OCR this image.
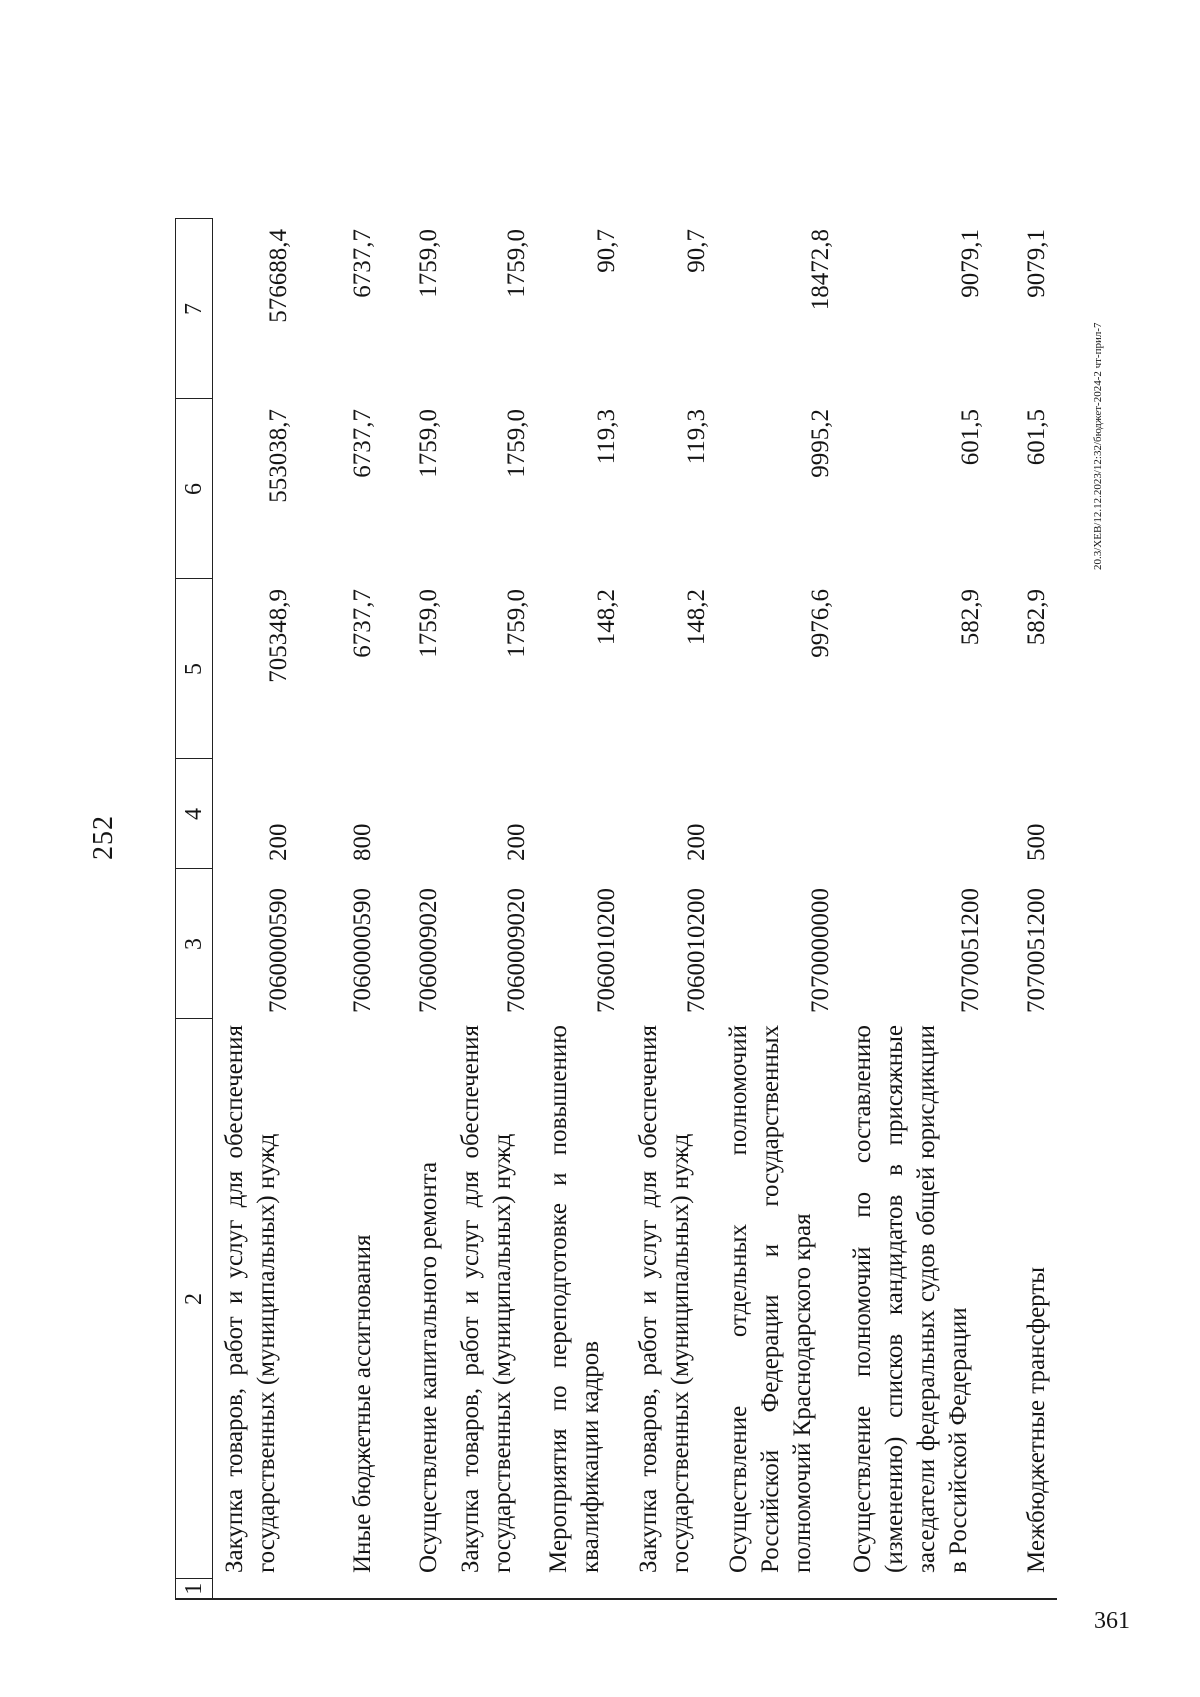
252
1	2	3	4	5	6	7
	Закупка товаров, работ и услуг для обеспечения государственных (муниципальных) нужд	7060000590	200	705348,9	553038,7	576688,4
	Иные бюджетные ассигнования	7060000590	800	6737,7	6737,7	6737,7
	Осуществление капитального ремонта	7060009020		1759,0	1759,0	1759,0
	Закупка товаров, работ и услуг для обеспечения государственных (муниципальных) нужд	7060009020	200	1759,0	1759,0	1759,0
	Мероприятия по переподготовке и повышению квалификации кадров	7060010200		148,2	119,3	90,7
	Закупка товаров, работ и услуг для обеспечения государственных (муниципальных) нужд	7060010200	200	148,2	119,3	90,7
	Осуществление отдельных полномочий Российской Федерации и государственных полномочий Краснодарского края	7070000000		9976,6	9995,2	18472,8
	Осуществление полномочий по составлению (изменению) списков кандидатов в присяжные заседатели федеральных судов общей юрисдикции в Российской Федерации	7070051200		582,9	601,5	9079,1
	Межбюджетные трансферты	7070051200	500	582,9	601,5	9079,1
20.3/ХЕВ/12.12.2023/12:32/бюджет-2024-2 чт-прил-7
361
